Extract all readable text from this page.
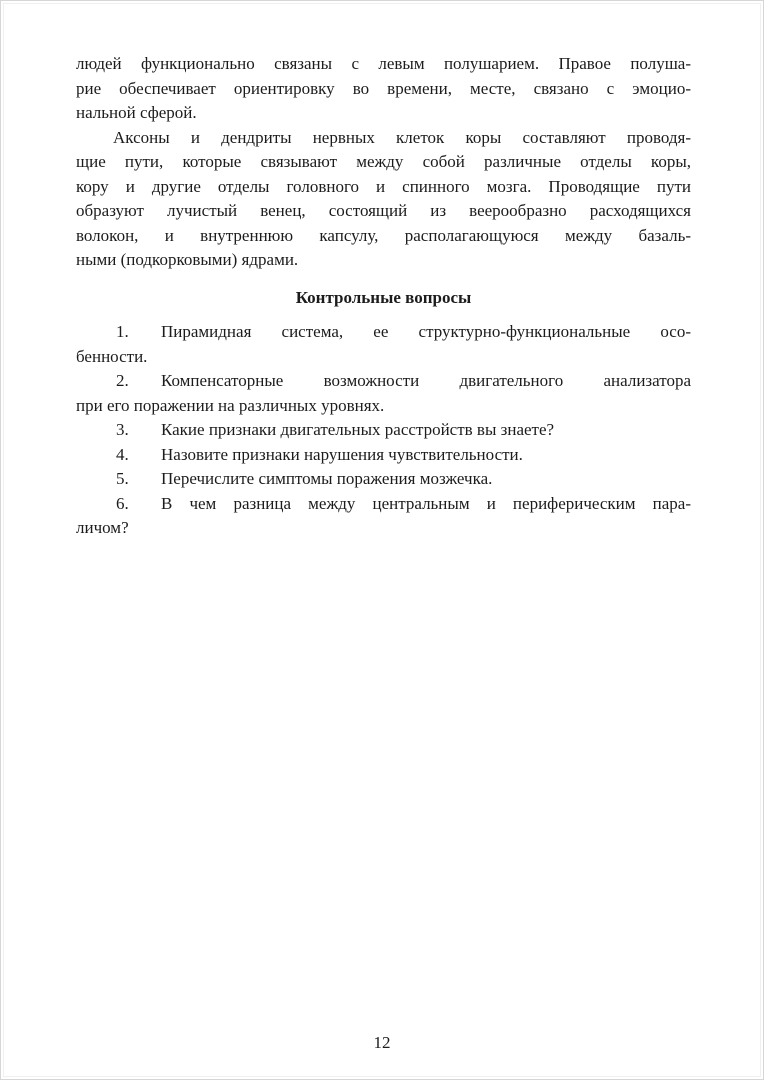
людей функционально связаны с левым полушарием. Правое полуша-
рие обеспечивает ориентировку во времени, месте, связано с эмоцио-
нальной сферой.

Аксоны и дендриты нервных клеток коры составляют проводя-
щие пути, которые связывают между собой различные отделы коры,
кору и другие отделы головного и спинного мозга. Проводящие пути
образуют лучистый венец, состоящий из веерообразно расходящихся
волокон, и внутреннюю капсулу, располагающуюся между базаль-
ными (подкорковыми) ядрами.

Контрольные вопросы

1. Пирамидная система, ее структурно-функциональные осо-
бенности.
2. Компенсаторные возможности двигательного анализатора
при его поражении на различных уровнях.
3. Какие признаки двигательных расстройств вы знаете?
4. Назовите признаки нарушения чувствительности.
5. Перечислите симптомы поражения мозжечка.
6. В чем разница между центральным и периферическим пара-
личом?
12
